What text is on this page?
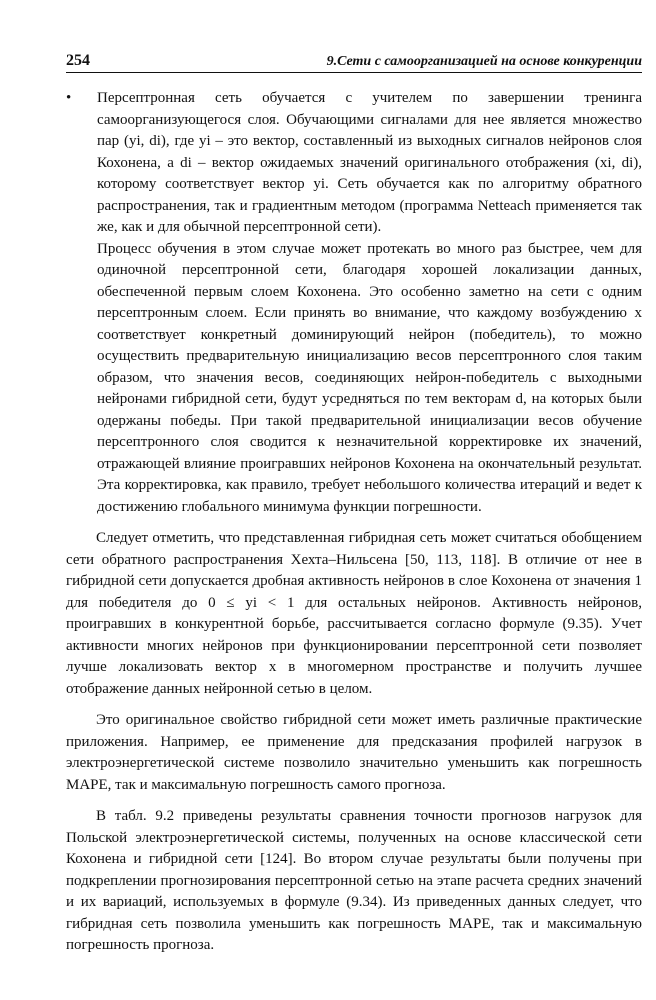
254	9.Сети с самоорганизацией на основе конкуренции
• Персептронная сеть обучается с учителем по завершении тренинга самоорганизующегося слоя. Обучающими сигналами для нее является множество пар (yi, di), где yi – это вектор, составленный из выходных сигналов нейронов слоя Кохонена, а di – вектор ожидаемых значений оригинального отображения (xi, di), которому соответствует вектор yi. Сеть обучается как по алгоритму обратного распространения, так и градиентным методом (программа Netteach применяется так же, как и для обычной персептронной сети).

Процесс обучения в этом случае может протекать во много раз быстрее, чем для одиночной персептронной сети, благодаря хорошей локализации данных, обеспеченной первым слоем Кохонена. Это особенно заметно на сети с одним персептронным слоем. Если принять во внимание, что каждому возбуждению x соответствует конкретный доминирующий нейрон (победитель), то можно осуществить предварительную инициализацию весов персептронного слоя таким образом, что значения весов, соединяющих нейрон-победитель с выходными нейронами гибридной сети, будут усредняться по тем векторам d, на которых были одержаны победы. При такой предварительной инициализации весов обучение персептронного слоя сводится к незначительной корректировке их значений, отражающей влияние проигравших нейронов Кохонена на окончательный результат. Эта корректировка, как правило, требует небольшого количества итераций и ведет к достижению глобального минимума функции погрешности.

Следует отметить, что представленная гибридная сеть может считаться обобщением сети обратного распространения Хехта–Нильсена [50, 113, 118]. В отличие от нее в гибридной сети допускается дробная активность нейронов в слое Кохонена от значения 1 для победителя до 0 ≤ yi < 1 для остальных нейронов. Активность нейронов, проигравших в конкурентной борьбе, рассчитывается согласно формуле (9.35). Учет активности многих нейронов при функционировании персептронной сети позволяет лучше локализовать вектор x в многомерном пространстве и получить лучшее отображение данных нейронной сетью в целом.

Это оригинальное свойство гибридной сети может иметь различные практические приложения. Например, ее применение для предсказания профилей нагрузок в электроэнергетической системе позволило значительно уменьшить как погрешность MAPE, так и максимальную погрешность самого прогноза.

В табл. 9.2 приведены результаты сравнения точности прогнозов нагрузок для Польской электроэнергетической системы, полученных на основе классической сети Кохонена и гибридной сети [124]. Во втором случае результаты были получены при подкреплении прогнозирования персептронной сетью на этапе расчета средних значений и их вариаций, используемых в формуле (9.34). Из приведенных данных следует, что гибридная сеть позволила уменьшить как погрешность MAPE, так и максимальную погрешность прогноза.
